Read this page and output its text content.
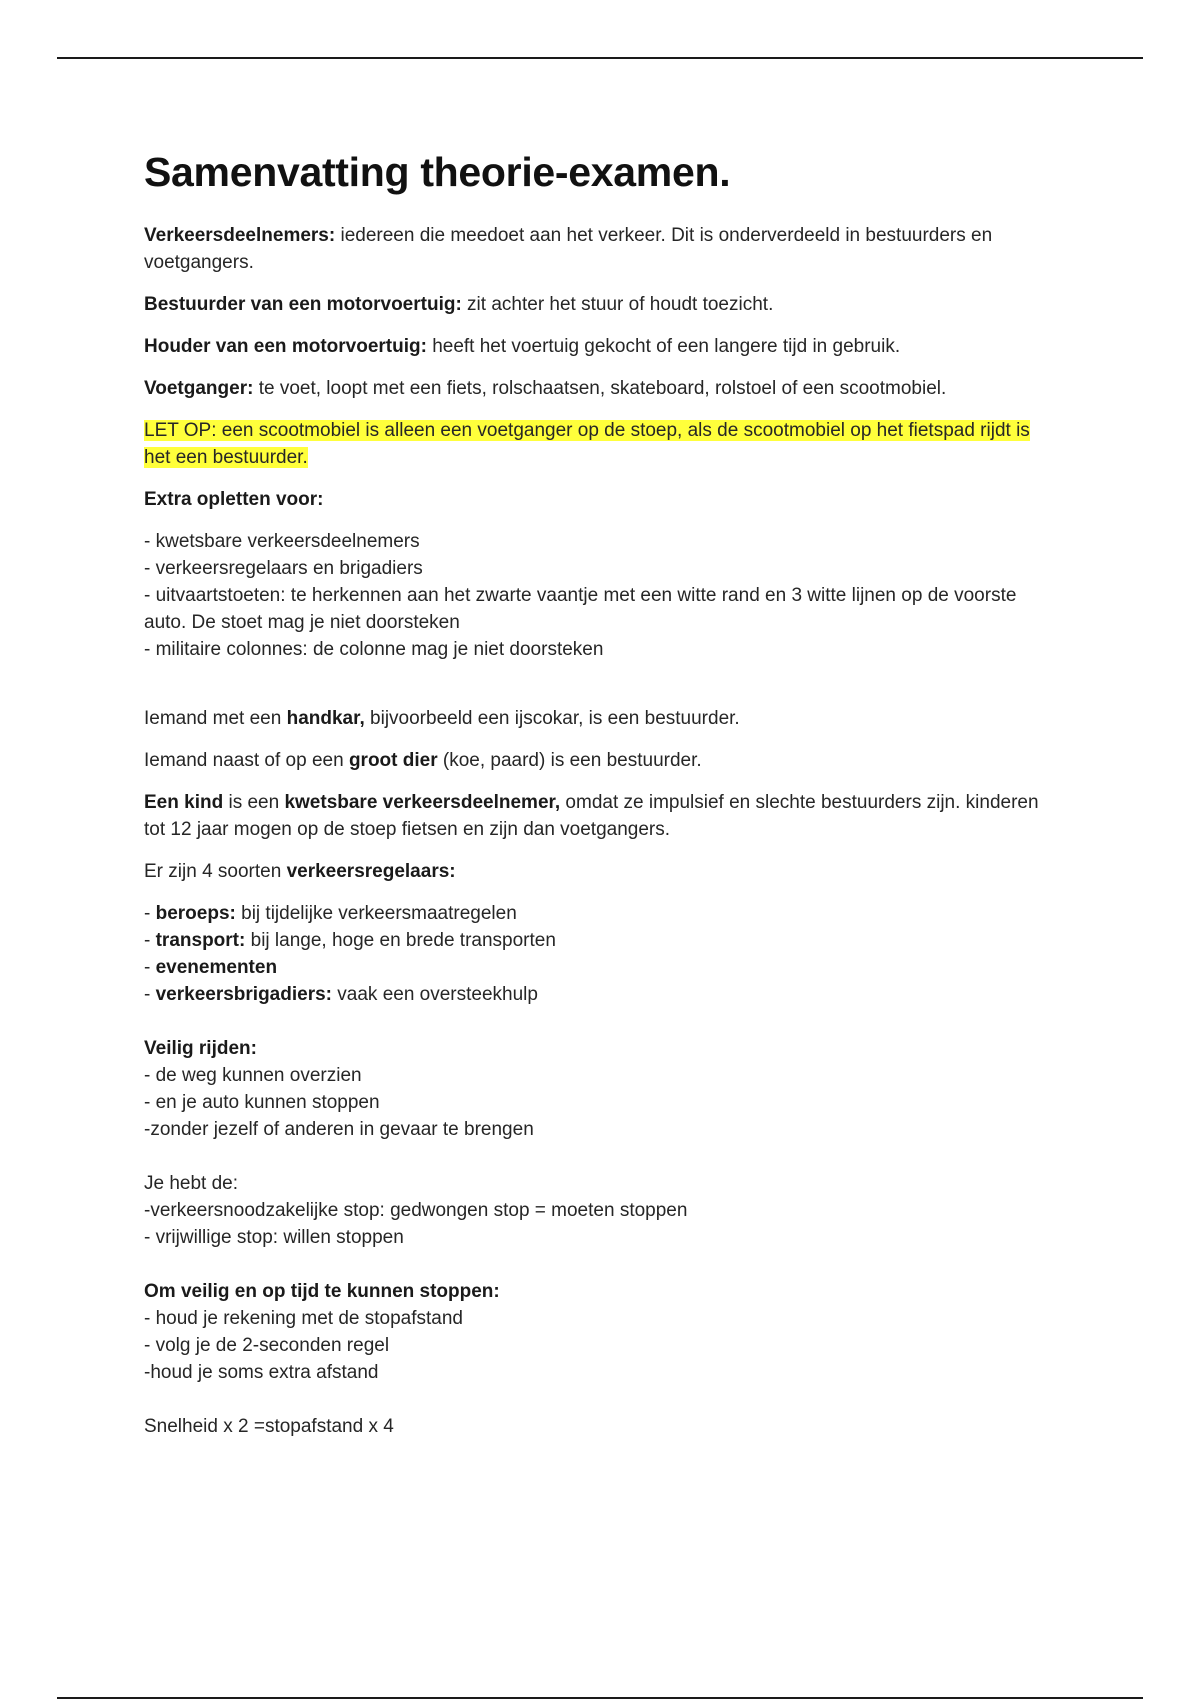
Samenvatting theorie-examen.

Verkeersdeelnemers: iedereen die meedoet aan het verkeer. Dit is onderverdeeld in bestuurders en voetgangers.

Bestuurder van een motorvoertuig: zit achter het stuur of houdt toezicht.

Houder van een motorvoertuig: heeft het voertuig gekocht of een langere tijd in gebruik.

Voetganger: te voet, loopt met een fiets, rolschaatsen, skateboard, rolstoel of een scootmobiel.

LET OP: een scootmobiel is alleen een voetganger op de stoep, als de scootmobiel op het fietspad rijdt is het een bestuurder.

Extra opletten voor:

- kwetsbare verkeersdeelnemers
- verkeersregelaars en brigadiers
- uitvaartstoeten: te herkennen aan het zwarte vaantje met een witte rand en 3 witte lijnen op de voorste auto. De stoet mag je niet doorsteken
- militaire colonnes: de colonne mag je niet doorsteken

Iemand met een handkar, bijvoorbeeld een ijscokar, is een bestuurder.

Iemand naast of op een groot dier (koe, paard) is een bestuurder.

Een kind is een kwetsbare verkeersdeelnemer, omdat ze impulsief en slechte bestuurders zijn. kinderen tot 12 jaar mogen op de stoep fietsen en zijn dan voetgangers.

Er zijn 4 soorten verkeersregelaars:

- beroeps: bij tijdelijke verkeersmaatregelen
- transport: bij lange, hoge en brede transporten
- evenementen
- verkeersbrigadiers: vaak een oversteekhulp
Veilig rijden:
- de weg kunnen overzien
- en je auto kunnen stoppen
-zonder jezelf of anderen in gevaar te brengen
Je hebt de:
-verkeersnoodzakelijke stop: gedwongen stop = moeten stoppen
- vrijwillige stop: willen stoppen
Om veilig en op tijd te kunnen stoppen:
- houd je rekening met de stopafstand
- volg je de 2-seconden regel
-houd je soms extra afstand
Snelheid x 2 =stopafstand x 4
